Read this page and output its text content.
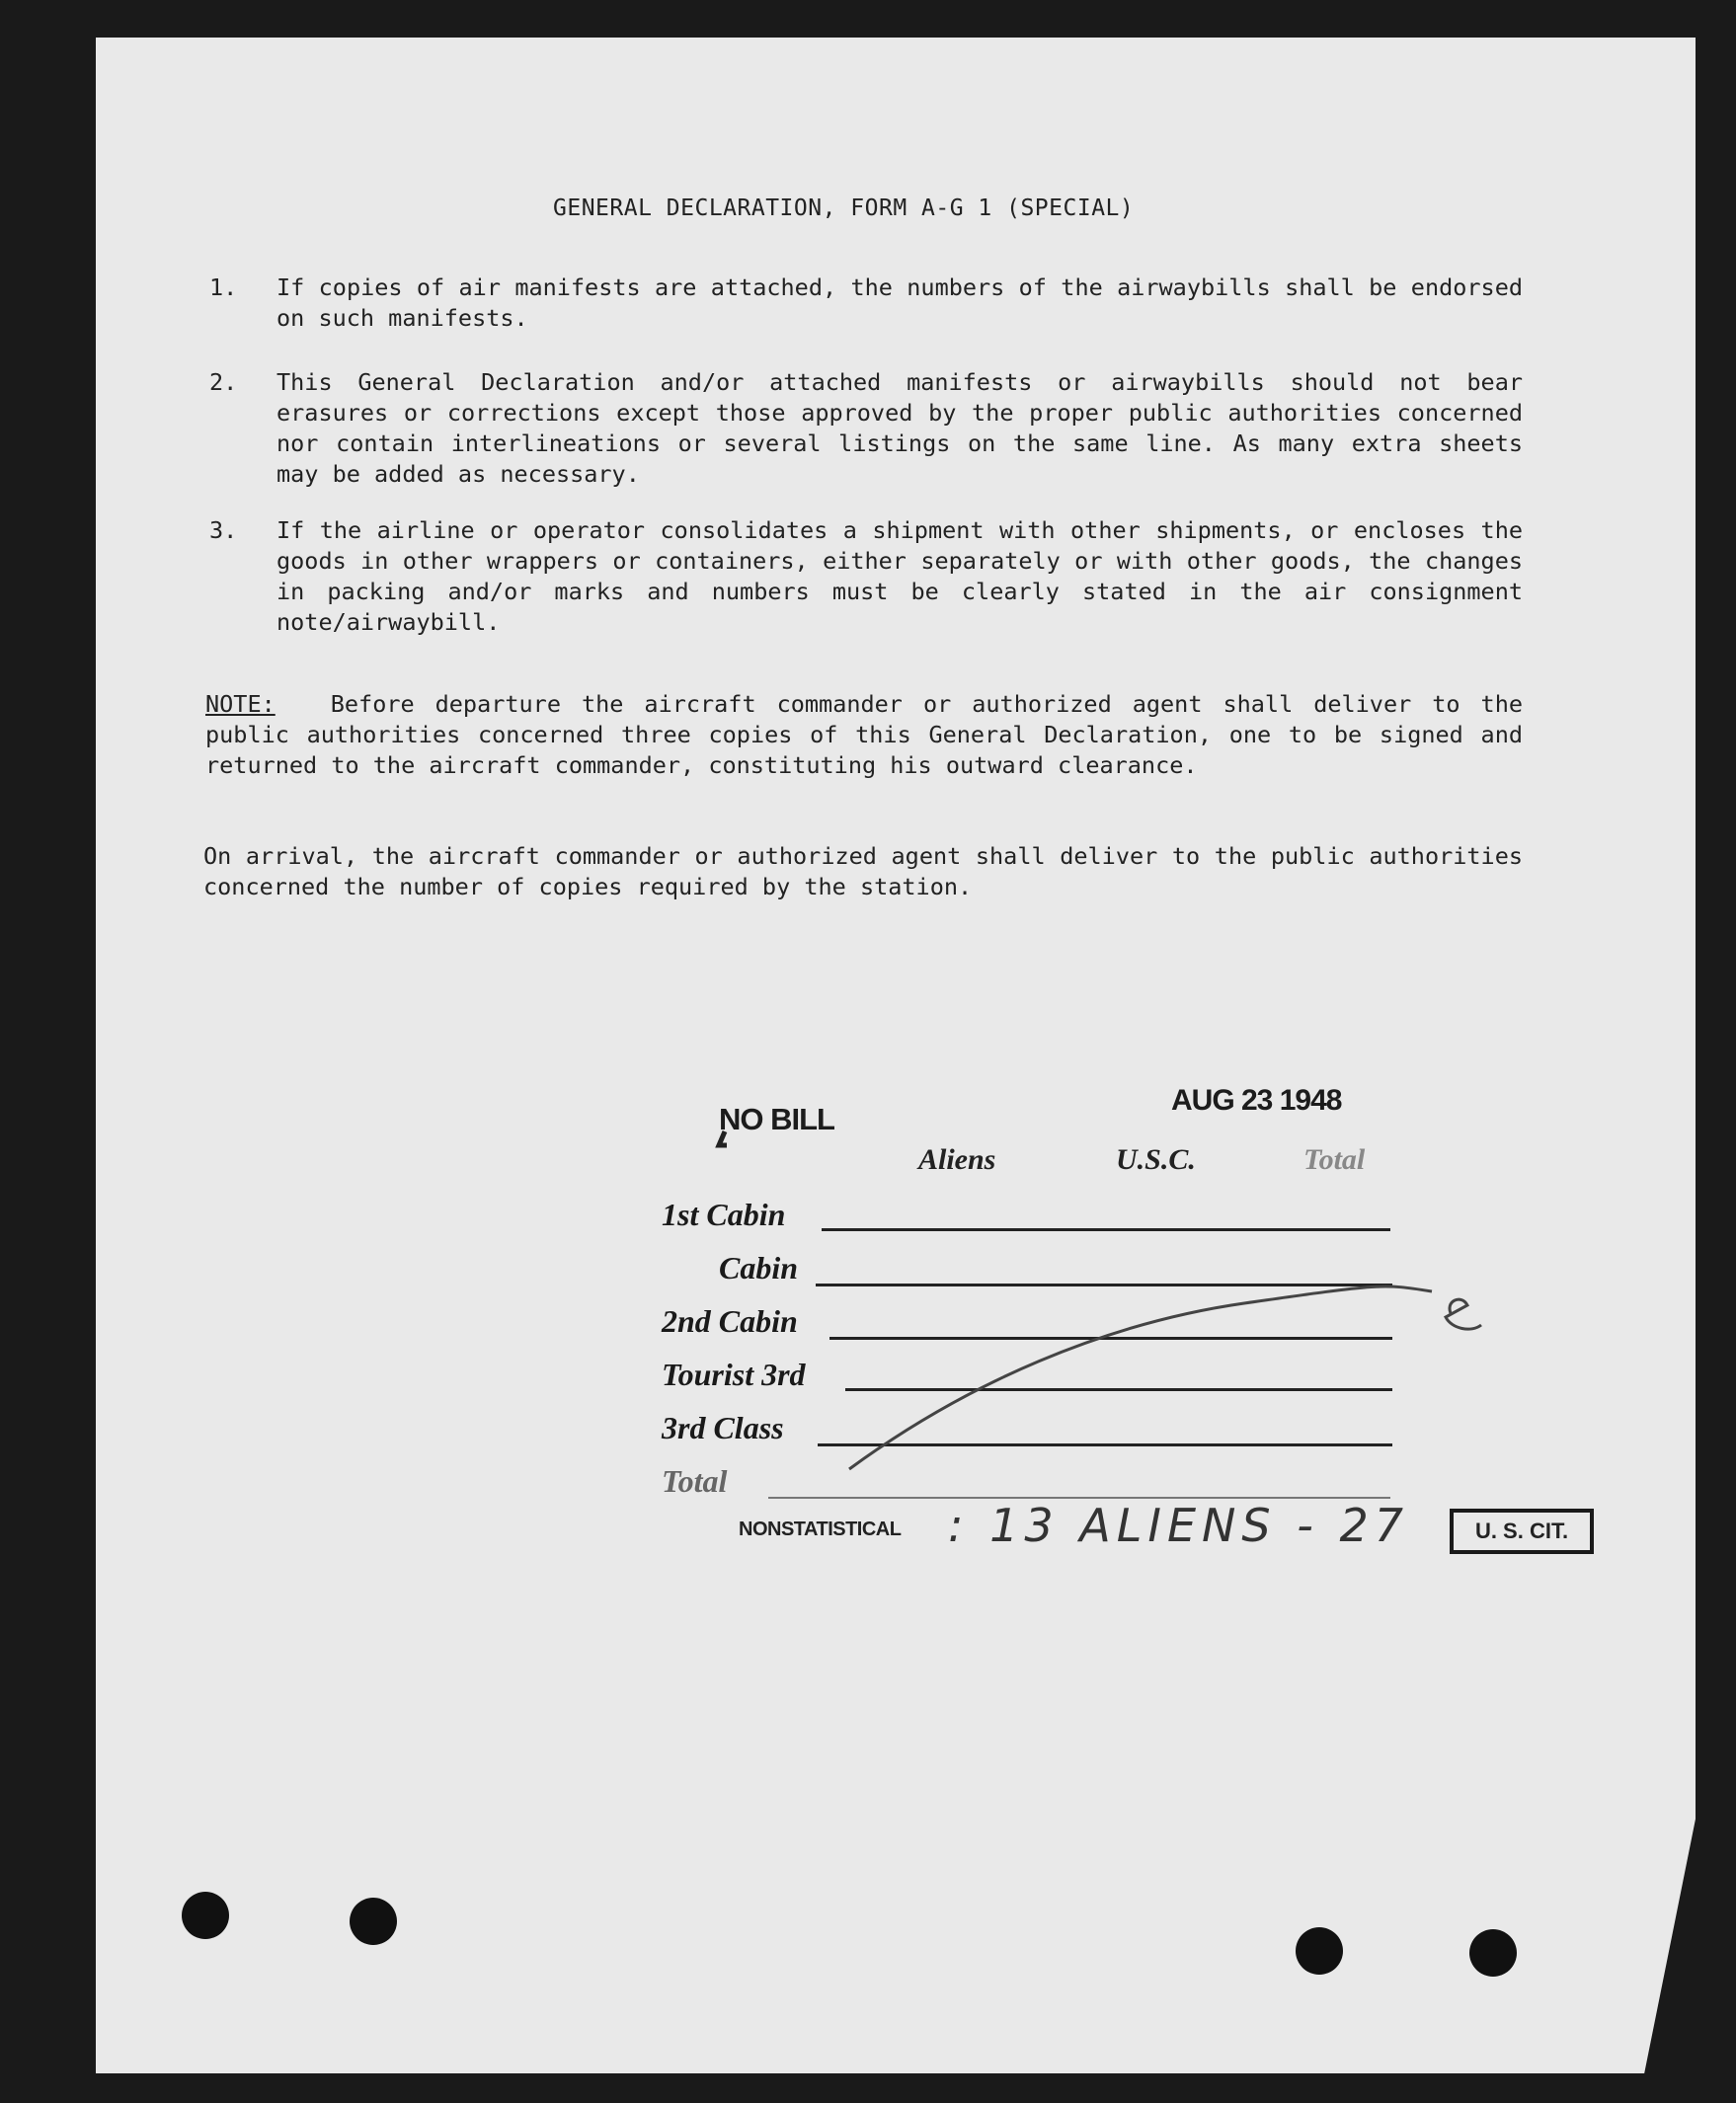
GENERAL DECLARATION, FORM A-G 1 (SPECIAL)
1. If copies of air manifests are attached, the numbers of the airwaybills shall be endorsed on such manifests.
2. This General Declaration and/or attached manifests or airwaybills should not bear erasures or corrections except those approved by the proper public authorities concerned nor contain interlineations or several listings on the same line. As many extra sheets may be added as necessary.
3. If the airline or operator consolidates a shipment with other shipments, or encloses the goods in other wrappers or containers, either separately or with other goods, the changes in packing and/or marks and numbers must be clearly stated in the air consignment note/airwaybill.
NOTE: Before departure the aircraft commander or authorized agent shall deliver to the public authorities concerned three copies of this General Declaration, one to be signed and returned to the aircraft commander, constituting his outward clearance.
On arrival, the aircraft commander or authorized agent shall deliver to the public authorities concerned the number of copies required by the station.
NO BILL
AUG 23 1948
Aliens	U.S.C.	Total
1st Cabin
Cabin
2nd Cabin
Tourist 3rd
3rd Class
Total
NONSTATISTICAL : 13 ALIENS - 27	U. S. CIT.
